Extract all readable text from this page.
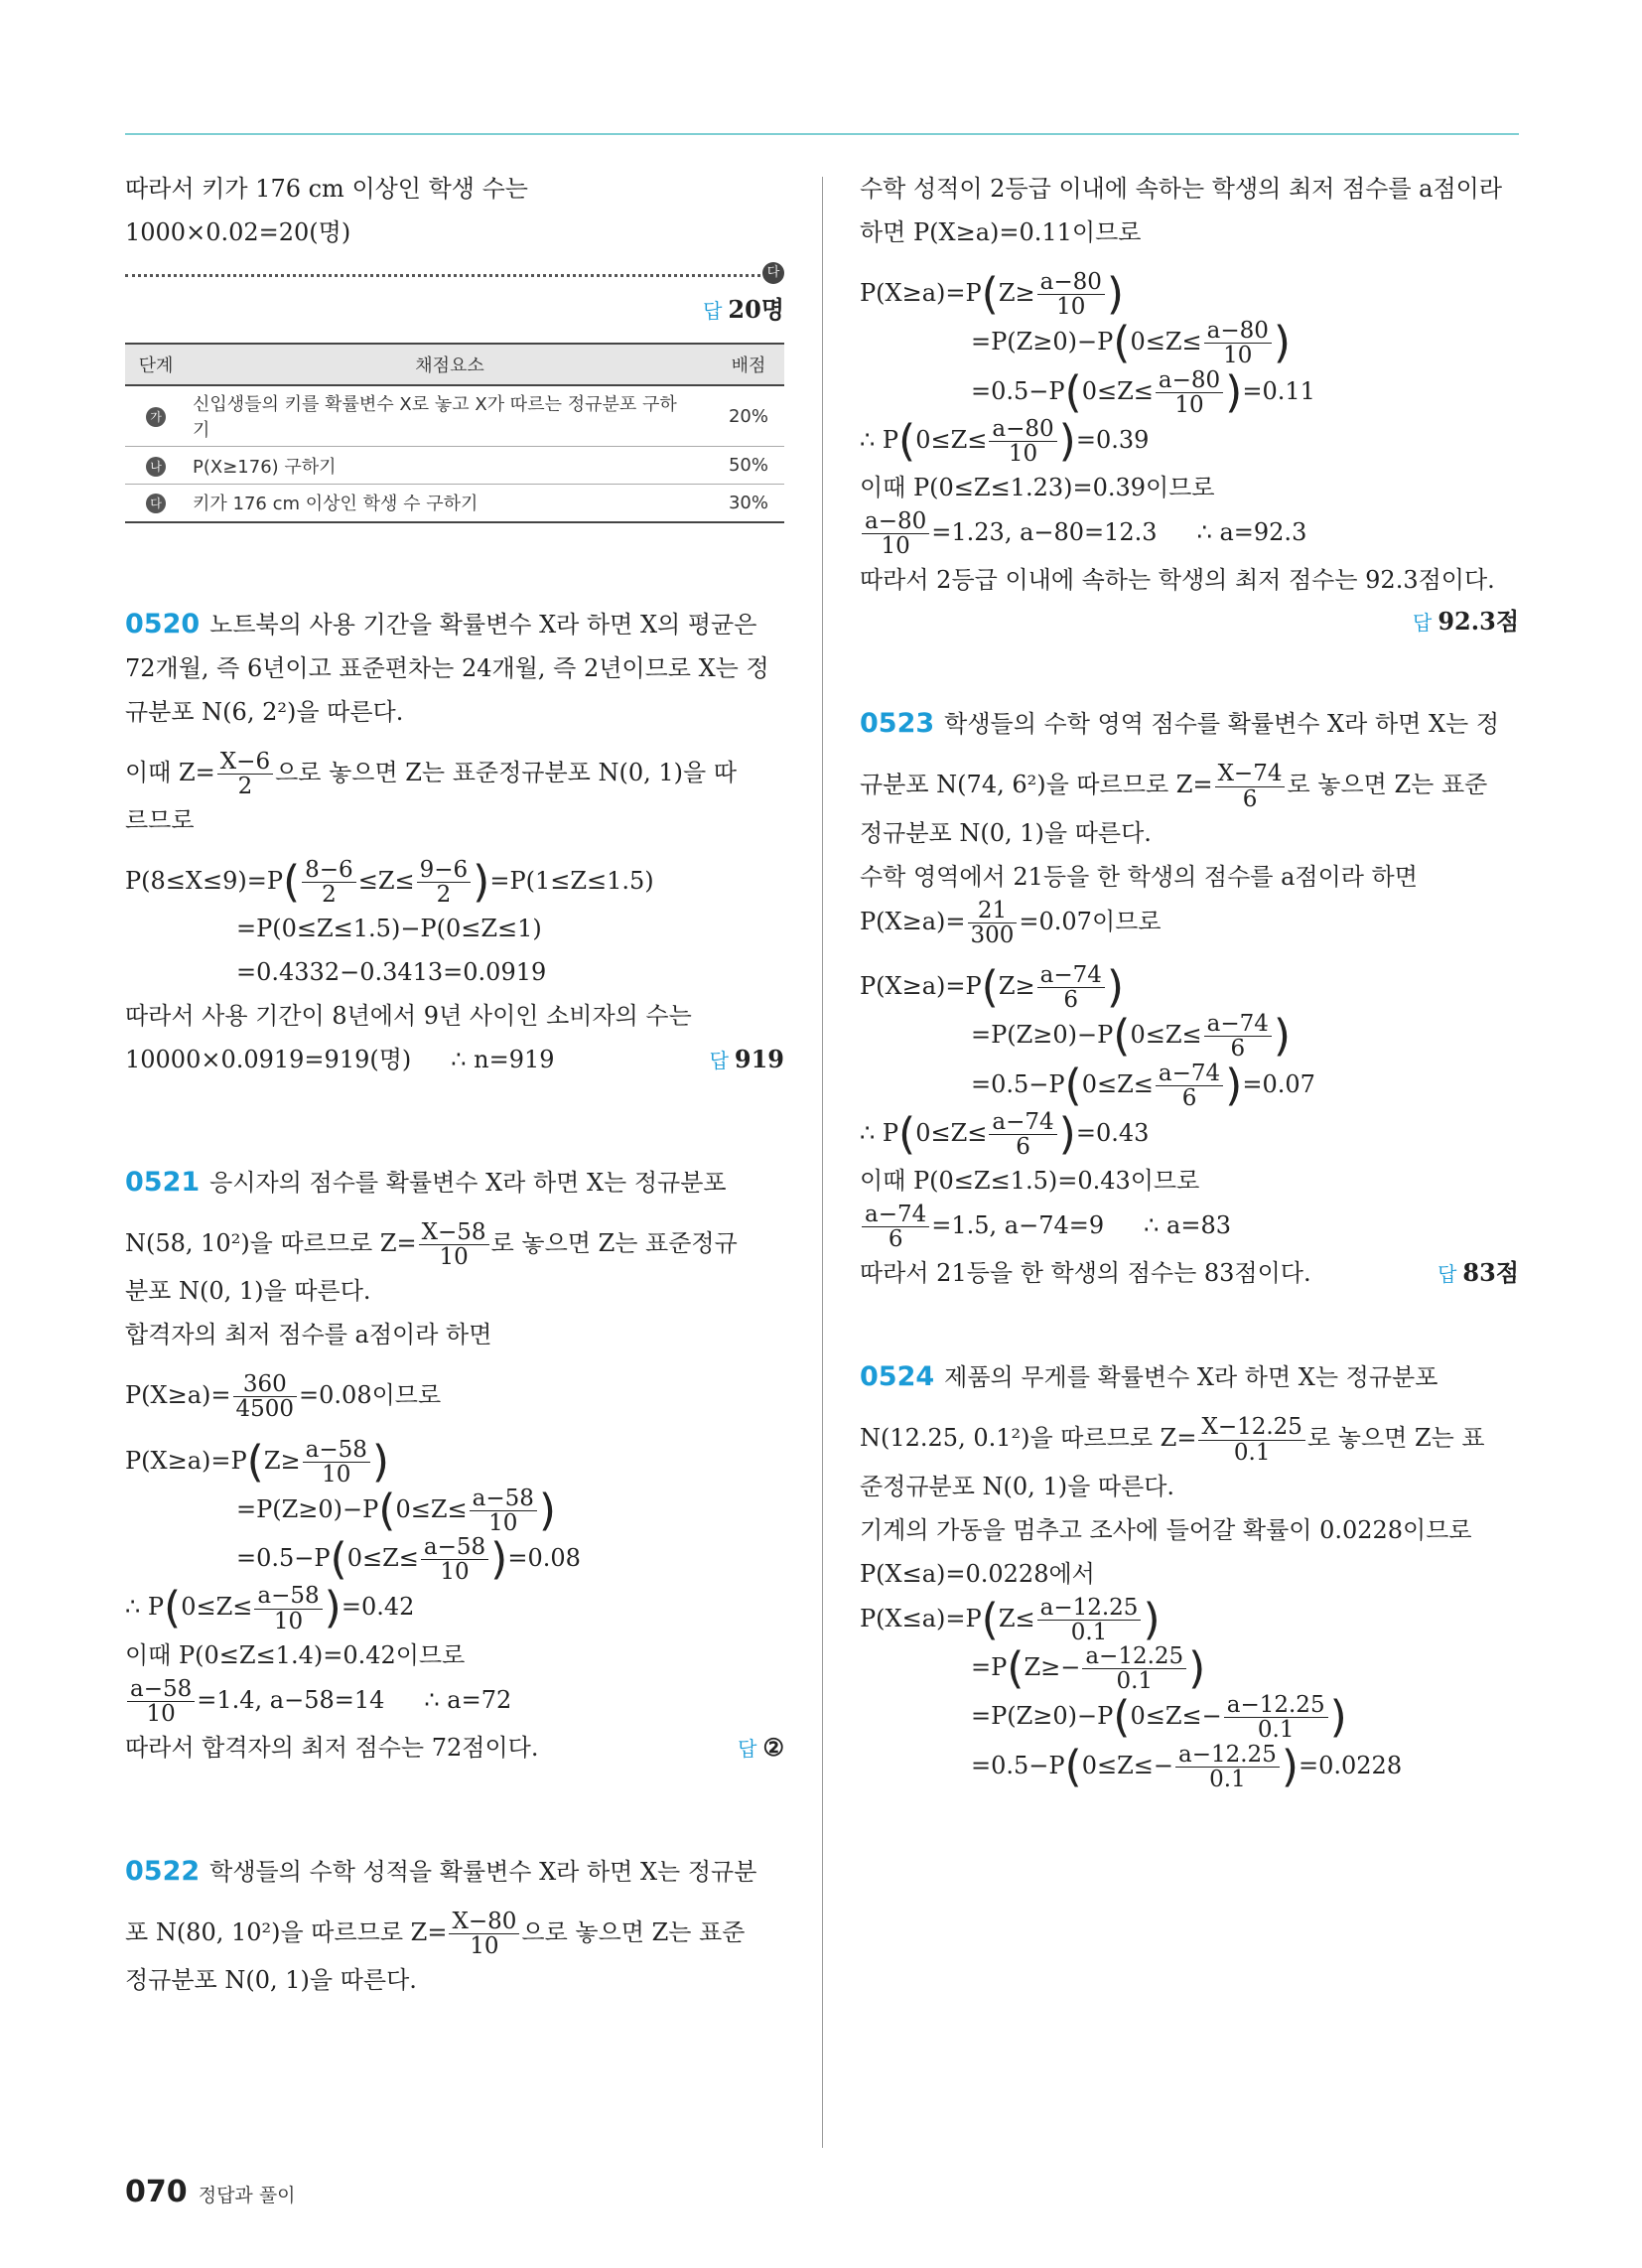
따라서 키가 176 cm 이상인 학생 수는

1000×0.02=20(명)

다

답 20명

단계	채점요소	배점
가	신입생들의 키를 확률변수 X로 놓고 X가 따르는 정규분포 구하기	20%
나	P(X≥176) 구하기	50%
다	키가 176 cm 이상인 학생 수 구하기	30%

0520 노트북의 사용 기간을 확률변수 X라 하면 X의 평균은 72개월, 즉 6년이고 표준편차는 24개월, 즉 2년이므로 X는 정규분포 N(6, 2²)을 따른다.

이때 $Z= \frac{X-6}{2}$ 으로 놓으면 Z는 표준정규분포 N(0, 1)을 따

르므로

$P(8\le X\le 9)=P( \frac{8-6}{2} \le Z\le \frac{9-6}{2} )=P(1\le Z\le 1.5)$

=P(0≤Z≤1.5)−P(0≤Z≤1)

=0.4332−0.3413=0.0919

따라서 사용 기간이 8년에서 9년 사이인 소비자의 수는

10000×0.0919=919(명) ∴ n=919	답 919

0521 응시자의 점수를 확률변수 X라 하면 X는 정규분포

N(58, 10²)을 따르므로 $Z= \frac{X-58}{10}$ 로 놓으면 Z는 표준정규

분포 N(0, 1)을 따른다.

합격자의 최저 점수를 a점이라 하면

$P(X\ge a)= \frac{360}{4500} =0.08$이므로

$P(X\ge a)=P(Z\ge \frac{a-58}{10}$ )

$=P(Z\ge 0)-P(0\le Z\le \frac{a-58}{10}$ )

$=0.5-P(0\le Z\le \frac{a-58}{10} )=0.08$

∴ $P(0\le Z\le \frac{a-58}{10} )=0.42$

이때 P(0≤Z≤1.4)=0.42이므로

$\frac{a-58}{10} =1.4$, a−58=14 ∴ a=72

따라서 합격자의 최저 점수는 72점이다.	답 ②

0522 학생들의 수학 성적을 확률변수 X라 하면 X는 정규분

포 N(80, 10²)을 따르므로 $Z= \frac{X-80}{10}$ 으로 놓으면 Z는 표준

정규분포 N(0, 1)을 따른다.

수학 성적이 2등급 이내에 속하는 학생의 최저 점수를 a점이라

하면 P(X≥a)=0.11이므로

$P(X\ge a)=P(Z\ge \frac{a-80}{10}$ )

$=P(Z\ge 0)-P(0\le Z\le \frac{a-80}{10}$ )

$=0.5-P(0\le Z\le \frac{a-80}{10} )=0.11$

∴ $P(0\le Z\le \frac{a-80}{10} )=0.39$

이때 P(0≤Z≤1.23)=0.39이므로

$\frac{a-80}{10} =1.23$, a−80=12.3 ∴ a=92.3

따라서 2등급 이내에 속하는 학생의 최저 점수는 92.3점이다.

답 92.3점

0523 학생들의 수학 영역 점수를 확률변수 X라 하면 X는 정

규분포 N(74, 6²)을 따르므로 $Z= \frac{X-74}{6}$ 로 놓으면 Z는 표준

정규분포 N(0, 1)을 따른다.

수학 영역에서 21등을 한 학생의 점수를 a점이라 하면

$P(X\ge a)= \frac{21}{300} =0.07$이므로

$P(X\ge a)=P(Z\ge \frac{a-74}{6}$ )

$=P(Z\ge 0)-P(0\le Z\le \frac{a-74}{6}$ )

$=0.5-P(0\le Z\le \frac{a-74}{6} )=0.07$

∴ $P(0\le Z\le \frac{a-74}{6} )=0.43$

이때 P(0≤Z≤1.5)=0.43이므로

$\frac{a-74}{6} =1.5$, a−74=9 ∴ a=83

따라서 21등을 한 학생의 점수는 83점이다.	답 83점

0524 제품의 무게를 확률변수 X라 하면 X는 정규분포

N(12.25, 0.1²)을 따르므로 $Z= \frac{X-12.25}{0.1}$ 로 놓으면 Z는 표

준정규분포 N(0, 1)을 따른다.

기계의 가동을 멈추고 조사에 들어갈 확률이 0.0228이므로

P(X≤a)=0.0228에서

$P(X\le a)=P(Z\le \frac{a-12.25}{0.1}$ )

$=P(Z\ge- \frac{a-12.25}{0.1}$ )

$=P(Z\ge 0)-P(0\le Z\le- \frac{a-12.25}{0.1}$ )

$=0.5-P(0\le Z\le- \frac{a-12.25}{0.1} )=0.0228$

070 정답과 풀이
